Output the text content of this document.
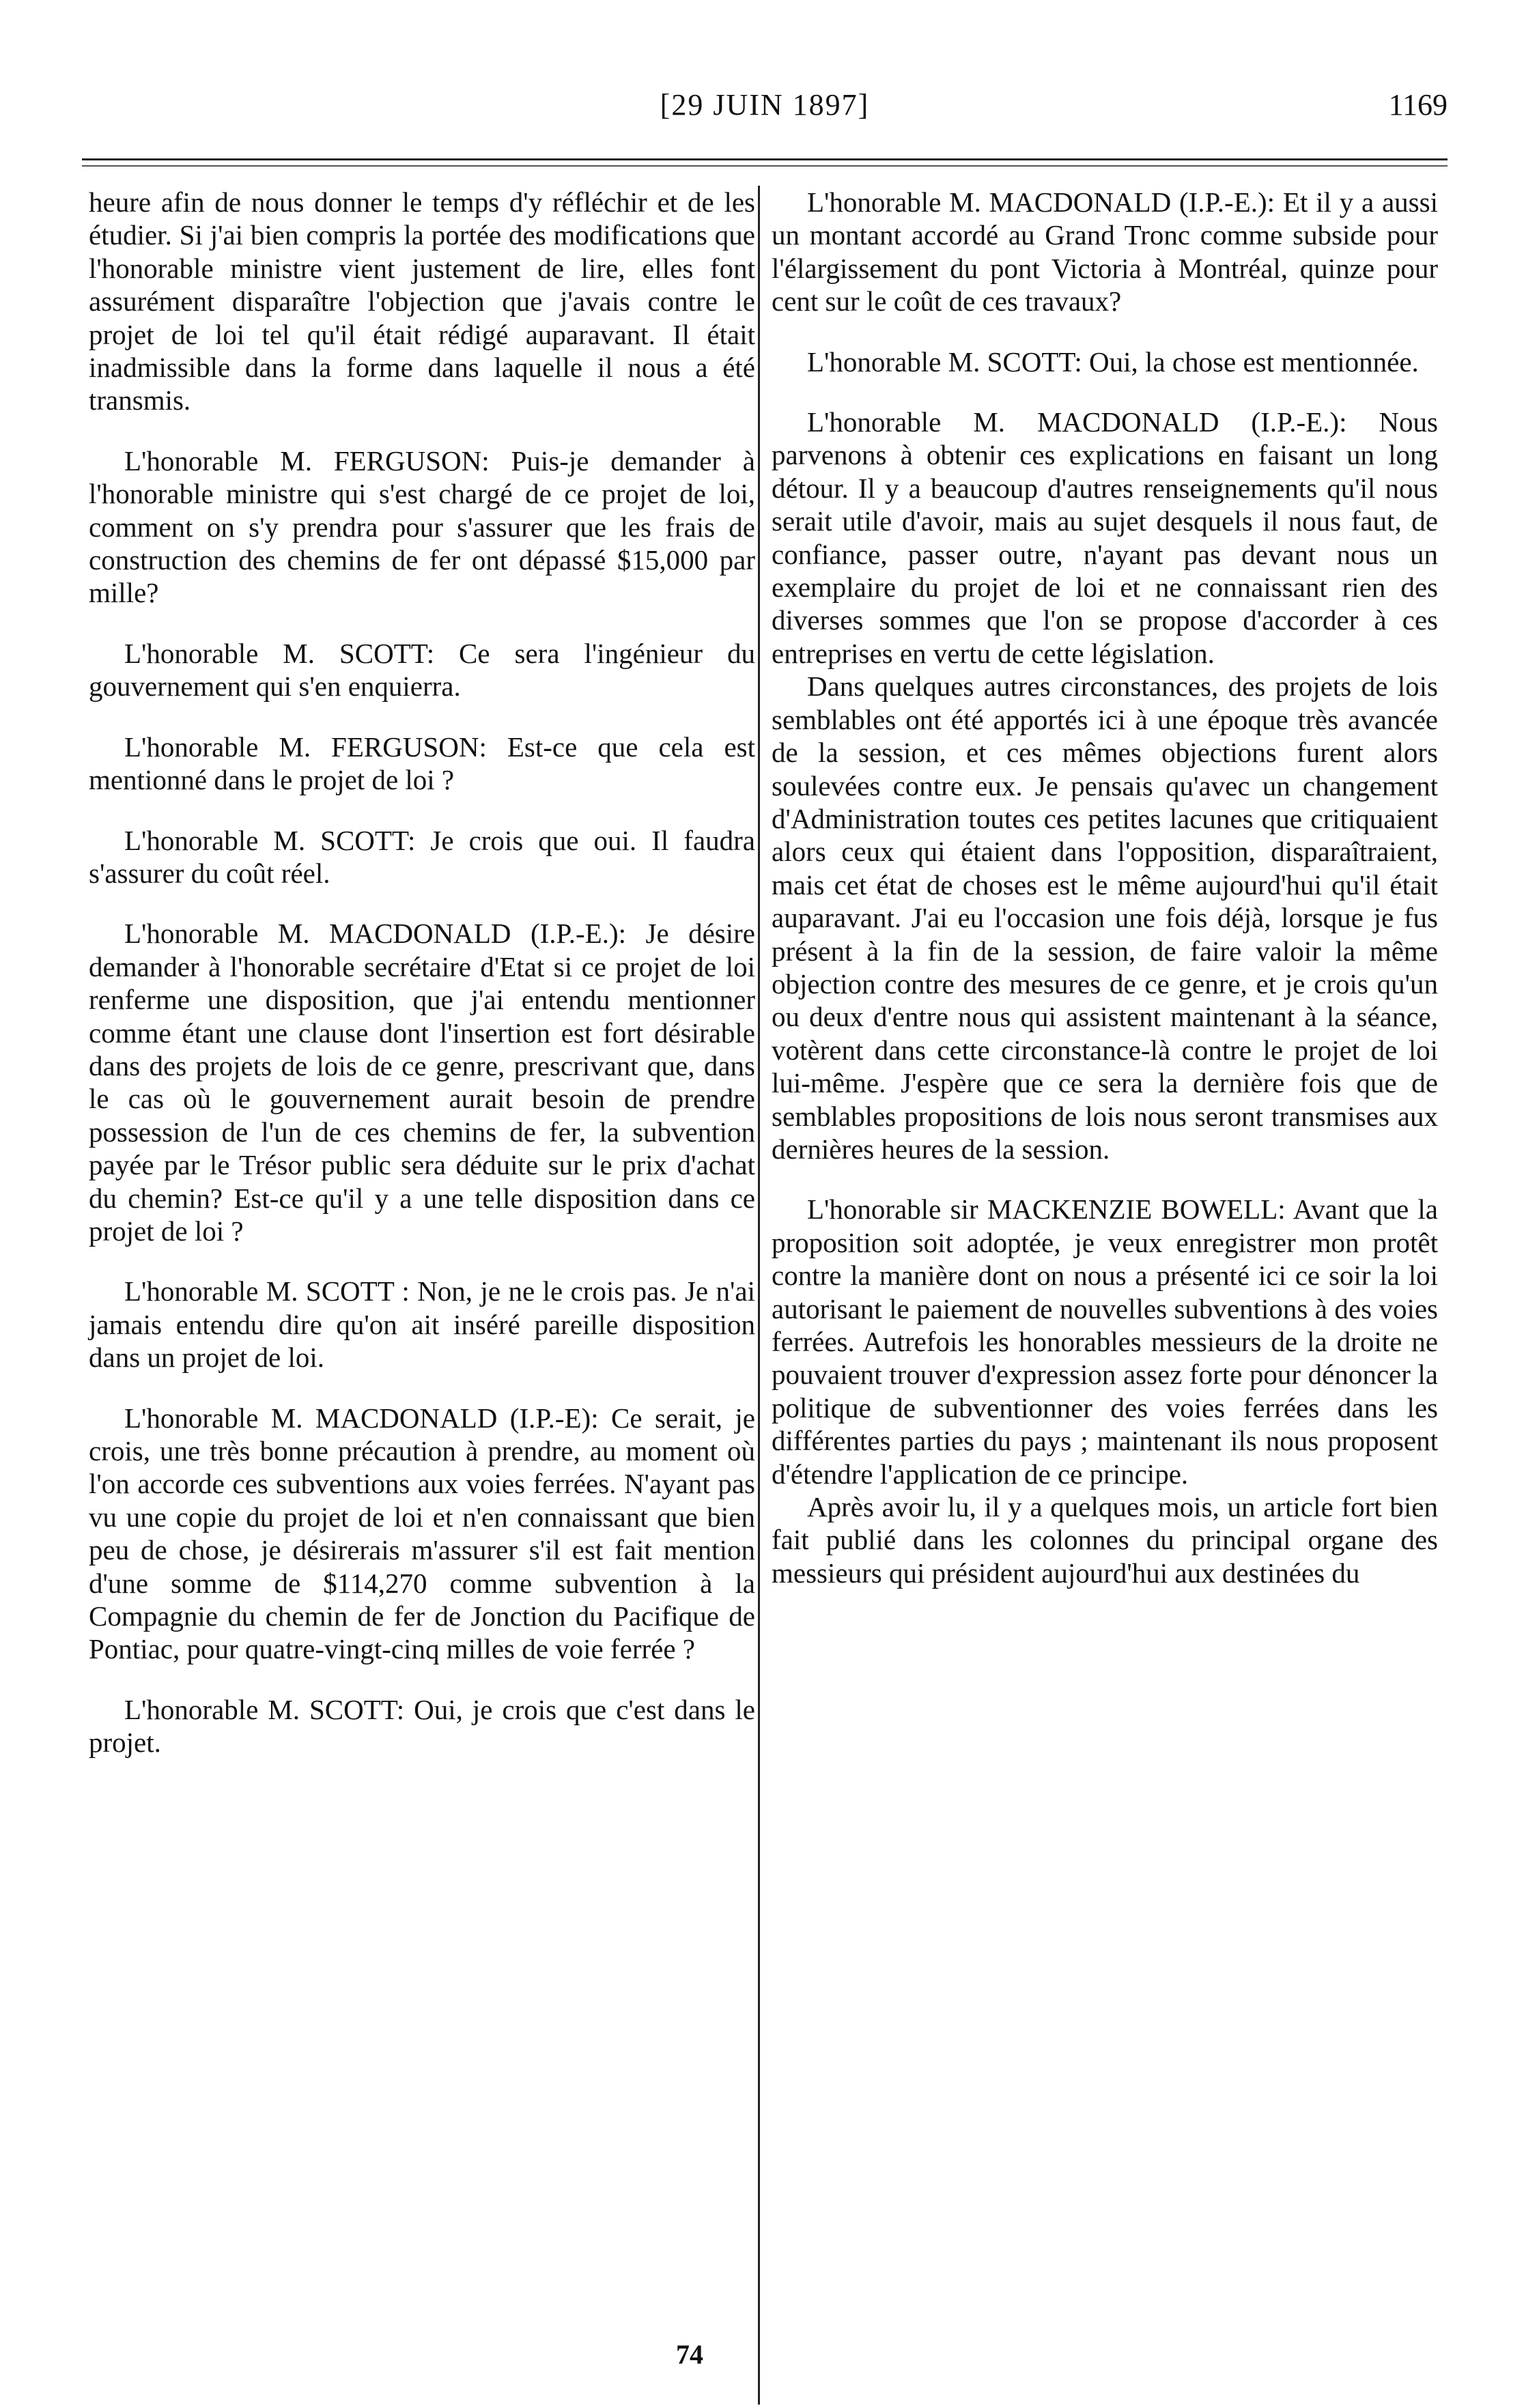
[29 JUIN 1897]	1169

heure afin de nous donner le temps d'y réfléchir et de les étudier. Si j'ai bien compris la portée des modifications que l'honorable ministre vient justement de lire, elles font assurément disparaître l'objection que j'avais contre le projet de loi tel qu'il était rédigé auparavant. Il était inadmissible dans la forme dans laquelle il nous a été transmis.

L'honorable M. FERGUSON: Puis-je demander à l'honorable ministre qui s'est chargé de ce projet de loi, comment on s'y prendra pour s'assurer que les frais de construction des chemins de fer ont dépassé $15,000 par mille?

L'honorable M. SCOTT: Ce sera l'ingénieur du gouvernement qui s'en enquierra.

L'honorable M. FERGUSON: Est-ce que cela est mentionné dans le projet de loi ?

L'honorable M. SCOTT: Je crois que oui. Il faudra s'assurer du coût réel.

L'honorable M. MACDONALD (I.P.-E.): Je désire demander à l'honorable secrétaire d'Etat si ce projet de loi renferme une disposition, que j'ai entendu mentionner comme étant une clause dont l'insertion est fort désirable dans des projets de lois de ce genre, prescrivant que, dans le cas où le gouvernement aurait besoin de prendre possession de l'un de ces chemins de fer, la subvention payée par le Trésor public sera déduite sur le prix d'achat du chemin? Est-ce qu'il y a une telle disposition dans ce projet de loi ?

L'honorable M. SCOTT : Non, je ne le crois pas. Je n'ai jamais entendu dire qu'on ait inséré pareille disposition dans un projet de loi.

L'honorable M. MACDONALD (I.P.-E): Ce serait, je crois, une très bonne précaution à prendre, au moment où l'on accorde ces subventions aux voies ferrées. N'ayant pas vu une copie du projet de loi et n'en connaissant que bien peu de chose, je désirerais m'assurer s'il est fait mention d'une somme de $114,270 comme subvention à la Compagnie du chemin de fer de Jonction du Pacifique de Pontiac, pour quatre-vingt-cinq milles de voie ferrée ?

L'honorable M. SCOTT: Oui, je crois que c'est dans le projet.

L'honorable M. MACDONALD (I.P.-E.): Et il y a aussi un montant accordé au Grand Tronc comme subside pour l'élargissement du pont Victoria à Montréal, quinze pour cent sur le coût de ces travaux?

L'honorable M. SCOTT: Oui, la chose est mentionnée.

L'honorable M. MACDONALD (I.P.-E.): Nous parvenons à obtenir ces explications en faisant un long détour. Il y a beaucoup d'autres renseignements qu'il nous serait utile d'avoir, mais au sujet desquels il nous faut, de confiance, passer outre, n'ayant pas devant nous un exemplaire du projet de loi et ne connaissant rien des diverses sommes que l'on se propose d'accorder à ces entreprises en vertu de cette législation.

Dans quelques autres circonstances, des projets de lois semblables ont été apportés ici à une époque très avancée de la session, et ces mêmes objections furent alors soulevées contre eux. Je pensais qu'avec un changement d'Administration toutes ces petites lacunes que critiquaient alors ceux qui étaient dans l'opposition, disparaîtraient, mais cet état de choses est le même aujourd'hui qu'il était auparavant. J'ai eu l'occasion une fois déjà, lorsque je fus présent à la fin de la session, de faire valoir la même objection contre des mesures de ce genre, et je crois qu'un ou deux d'entre nous qui assistent maintenant à la séance, votèrent dans cette circonstance-là contre le projet de loi lui-même. J'espère que ce sera la dernière fois que de semblables propositions de lois nous seront transmises aux dernières heures de la session.

L'honorable sir MACKENZIE BOWELL: Avant que la proposition soit adoptée, je veux enregistrer mon protêt contre la manière dont on nous a présenté ici ce soir la loi autorisant le paiement de nouvelles subventions à des voies ferrées. Autrefois les honorables messieurs de la droite ne pouvaient trouver d'expression assez forte pour dénoncer la politique de subventionner des voies ferrées dans les différentes parties du pays ; maintenant ils nous proposent d'étendre l'application de ce principe.

Après avoir lu, il y a quelques mois, un article fort bien fait publié dans les colonnes du principal organe des messieurs qui président aujourd'hui aux destinées du

74
